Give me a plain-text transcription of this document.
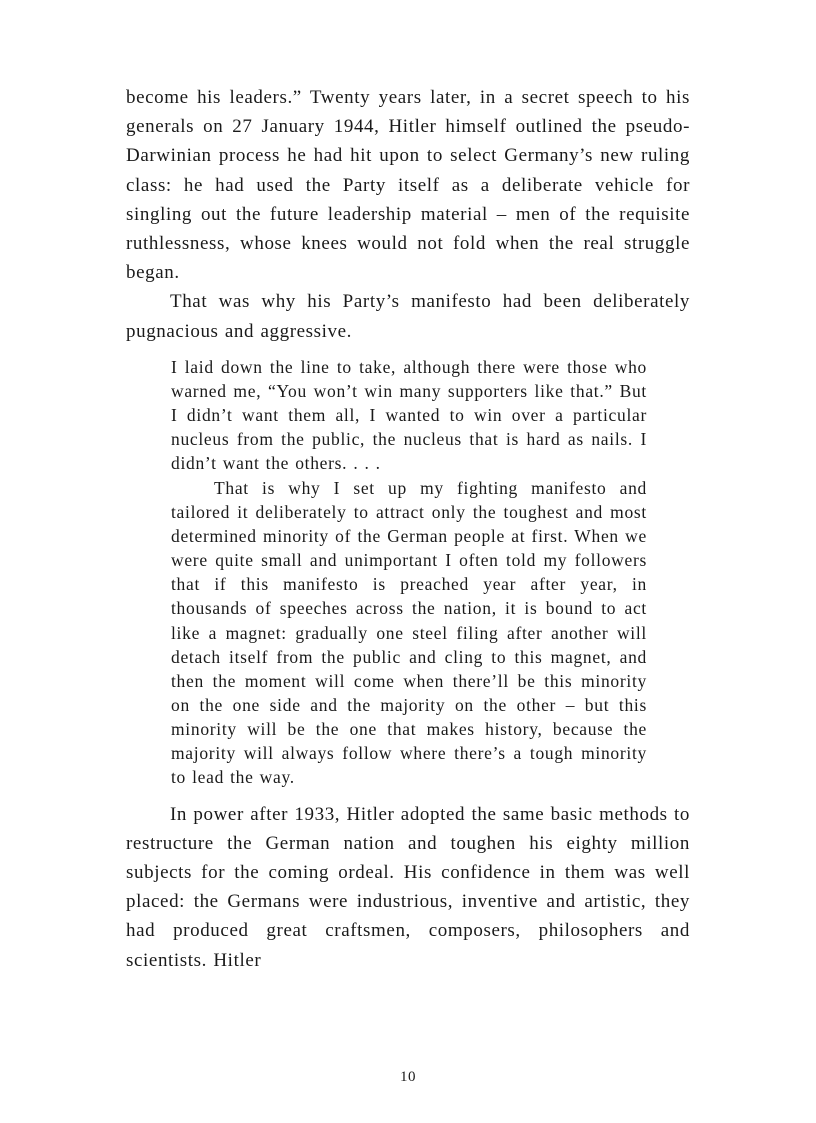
become his leaders.” Twenty years later, in a secret speech to his generals on 27 January 1944, Hitler himself outlined the pseudo-Darwinian process he had hit upon to select Germany’s new ruling class: he had used the Party itself as a deliberate vehicle for singling out the future leadership material – men of the requisite ruthlessness, whose knees would not fold when the real struggle began.

That was why his Party’s manifesto had been deliberately pugnacious and aggressive.

I laid down the line to take, although there were those who warned me, “You won’t win many supporters like that.” But I didn’t want them all, I wanted to win over a particular nucleus from the public, the nucleus that is hard as nails. I didn’t want the others. . . .

That is why I set up my fighting manifesto and tailored it deliberately to attract only the toughest and most determined minority of the German people at first. When we were quite small and unimportant I often told my followers that if this manifesto is preached year after year, in thousands of speeches across the nation, it is bound to act like a magnet: gradually one steel filing after another will detach itself from the public and cling to this magnet, and then the moment will come when there’ll be this minority on the one side and the majority on the other – but this minority will be the one that makes history, because the majority will always follow where there’s a tough minority to lead the way.

In power after 1933, Hitler adopted the same basic methods to restructure the German nation and toughen his eighty million subjects for the coming ordeal. His confidence in them was well placed: the Germans were industrious, inventive and artistic, they had produced great craftsmen, composers, philosophers and scientists. Hitler

10
